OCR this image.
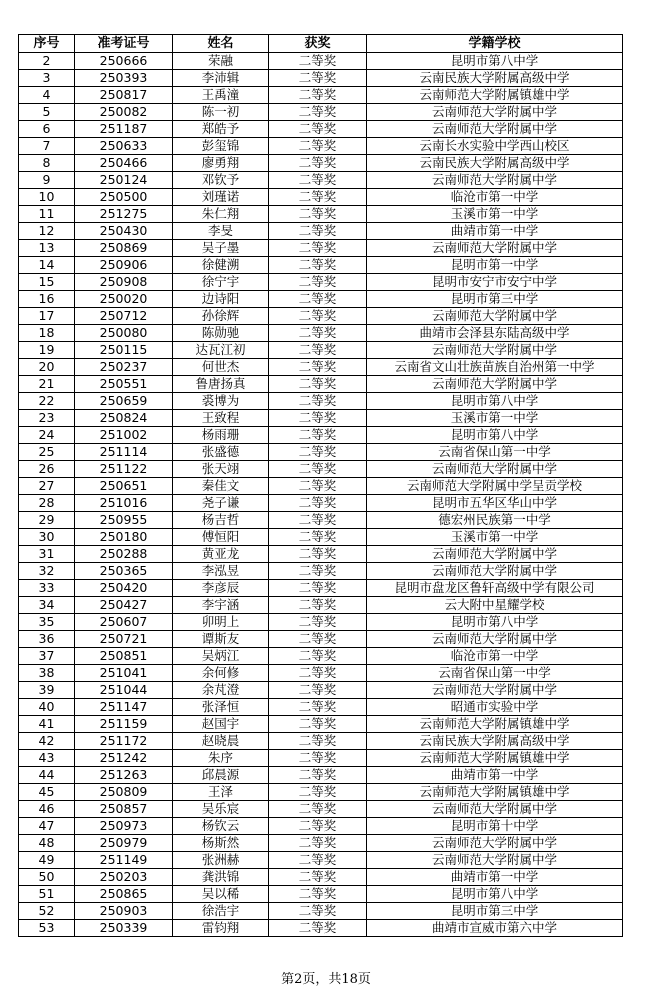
序号	准考证号	姓名	获奖	学籍学校
2	250666	荣融	二等奖	昆明市第八中学
3	250393	李沛辑	二等奖	云南民族大学附属高级中学
4	250817	王禹潼	二等奖	云南师范大学附属镇雄中学
5	250082	陈一初	二等奖	云南师范大学附属中学
6	251187	郑皓予	二等奖	云南师范大学附属中学
7	250633	彭玺锦	二等奖	云南长水实验中学西山校区
8	250466	廖勇翔	二等奖	云南民族大学附属高级中学
9	250124	邓钦予	二等奖	云南师范大学附属中学
10	250500	刘瑾诺	二等奖	临沧市第一中学
11	251275	朱仁翔	二等奖	玉溪市第一中学
12	250430	李旻	二等奖	曲靖市第一中学
13	250869	吴子墨	二等奖	云南师范大学附属中学
14	250906	徐健溯	二等奖	昆明市第一中学
15	250908	徐宁宇	二等奖	昆明市安宁市安宁中学
16	250020	边诗阳	二等奖	昆明市第三中学
17	250712	孙徐辉	二等奖	云南师范大学附属中学
18	250080	陈勋驰	二等奖	曲靖市会泽县东陆高级中学
19	250115	达瓦江初	二等奖	云南师范大学附属中学
20	250237	何世杰	二等奖	云南省文山壮族苗族自治州第一中学
21	250551	鲁唐扬真	二等奖	云南师范大学附属中学
22	250659	裘博为	二等奖	昆明市第八中学
23	250824	王致程	二等奖	玉溪市第一中学
24	251002	杨雨珊	二等奖	昆明市第八中学
25	251114	张盛德	二等奖	云南省保山第一中学
26	251122	张天翊	二等奖	云南师范大学附属中学
27	250651	秦佳文	二等奖	云南师范大学附属中学呈贡学校
28	251016	尧子谦	二等奖	昆明市五华区华山中学
29	250955	杨吉哲	二等奖	德宏州民族第一中学
30	250180	傅恒阳	二等奖	玉溪市第一中学
31	250288	黄亚龙	二等奖	云南师范大学附属中学
32	250365	李泓昱	二等奖	云南师范大学附属中学
33	250420	李彦辰	二等奖	昆明市盘龙区鲁轩高级中学有限公司
34	250427	李宇涵	二等奖	云大附中星耀学校
35	250607	卯明上	二等奖	昆明市第八中学
36	250721	谭斯友	二等奖	云南师范大学附属中学
37	250851	吴炳江	二等奖	临沧市第一中学
38	251041	余何修	二等奖	云南省保山第一中学
39	251044	余芃澄	二等奖	云南师范大学附属中学
40	251147	张泽恒	二等奖	昭通市实验中学
41	251159	赵国宇	二等奖	云南师范大学附属镇雄中学
42	251172	赵晓晨	二等奖	云南民族大学附属高级中学
43	251242	朱序	二等奖	云南师范大学附属镇雄中学
44	251263	邱晨源	二等奖	曲靖市第一中学
45	250809	王泽	二等奖	云南师范大学附属镇雄中学
46	250857	吴乐宸	二等奖	云南师范大学附属中学
47	250973	杨钦云	二等奖	昆明市第十中学
48	250979	杨斯然	二等奖	云南师范大学附属中学
49	251149	张洲赫	二等奖	云南师范大学附属中学
50	250203	龚洪锦	二等奖	曲靖市第一中学
51	250865	吴以稀	二等奖	昆明市第八中学
52	250903	徐浩宇	二等奖	昆明市第三中学
53	250339	雷钧翔	二等奖	曲靖市宣威市第六中学
第2页，共18页
